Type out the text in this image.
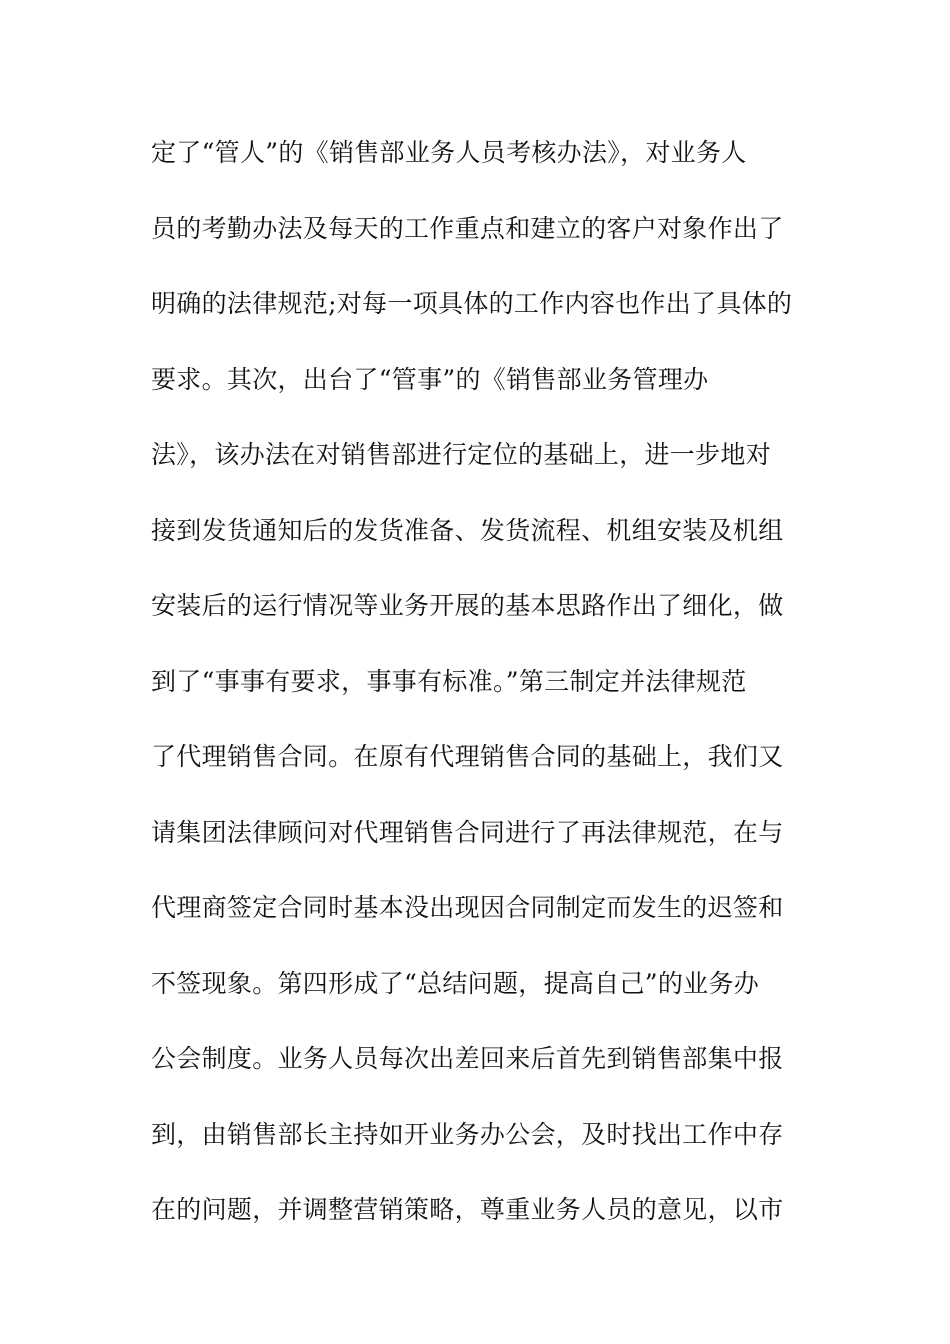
定了“管人”的《销售部业务人员考核办法》，对业务人
员的考勤办法及每天的工作重点和建立的客户对象作出了
明确的法律规范;对每一项具体的工作内容也作出了具体的
要求。其次，出台了“管事”的《销售部业务管理办
法》，该办法在对销售部进行定位的基础上，进一步地对
接到发货通知后的发货准备、发货流程、机组安装及机组
安装后的运行情况等业务开展的基本思路作出了细化，做
到了“事事有要求，事事有标准。”第三制定并法律规范
了代理销售合同。在原有代理销售合同的基础上，我们又
请集团法律顾问对代理销售合同进行了再法律规范，在与
代理商签定合同时基本没出现因合同制定而发生的迟签和
不签现象。第四形成了“总结问题，提高自己”的业务办
公会制度。业务人员每次出差回来后首先到销售部集中报
到，由销售部长主持如开业务办公会，及时找出工作中存
在的问题，并调整营销策略，尊重业务人员的意见，以市
